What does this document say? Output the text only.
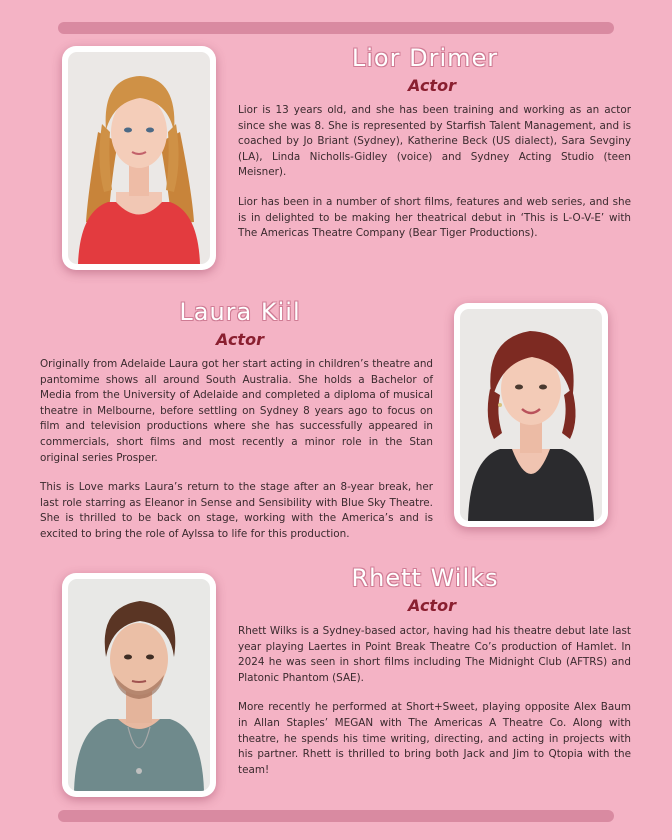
Lior Drimer
Actor

Lior is 13 years old, and she has been training and working as an actor since she was 8. She is represented by Starfish Talent Management, and is coached by Jo Briant (Sydney), Katherine Beck (US dialect), Sara Sevginy (LA), Linda Nicholls-Gidley (voice) and Sydney Acting Studio (teen Meisner).

Lior has been in a number of short films, features and web series, and she is in delighted to be making her theatrical debut in ‘This is L-O-V-E’ with The Americas Theatre Company (Bear Tiger Productions).

Laura Kiil
Actor

Originally from Adelaide Laura got her start acting in children’s theatre and pantomime shows all around South Australia. She holds a Bachelor of Media from the University of Adelaide and completed a diploma of musical theatre in Melbourne, before settling on Sydney 8 years ago to focus on film and television productions where she has successfully appeared in commercials, short films and most recently a minor role in the Stan original series Prosper.

This is Love marks Laura’s return to the stage after an 8-year break, her last role starring as Eleanor in Sense and Sensibility with Blue Sky Theatre. She is thrilled to be back on stage, working with the America’s and is excited to bring the role of Aylssa to life for this production.

Rhett Wilks
Actor

Rhett Wilks is a Sydney-based actor, having had his theatre debut late last year playing Laertes in Point Break Theatre Co’s production of Hamlet. In 2024 he was seen in short films including The Midnight Club (AFTRS) and Platonic Phantom (SAE).

More recently he performed at Short+Sweet, playing opposite Alex Baum in Allan Staples’ MEGAN with The Americas A Theatre Co. Along with theatre, he spends his time writing, directing, and acting in projects with his partner. Rhett is thrilled to bring both Jack and Jim to Qtopia with the team!
